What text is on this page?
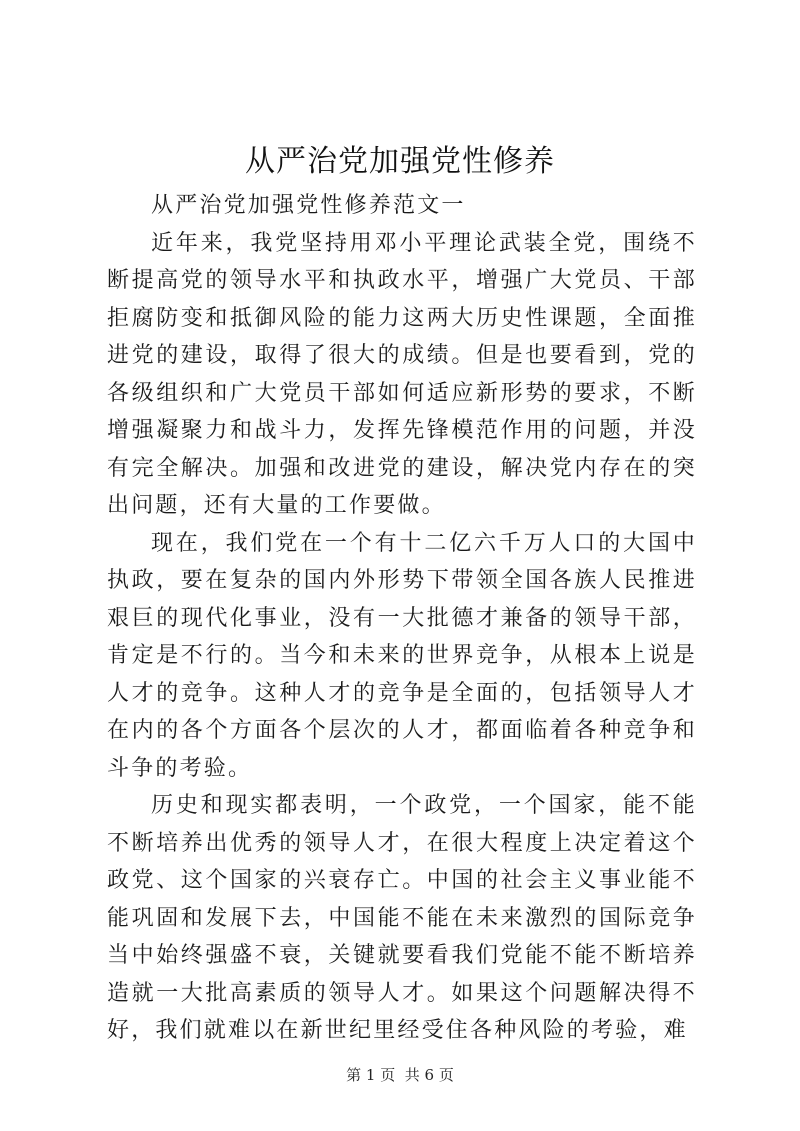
从严治党加强党性修养

从严治党加强党性修养范文一

近年来，我党坚持用邓小平理论武装全党，围绕不断提高党的领导水平和执政水平，增强广大党员、干部拒腐防变和抵御风险的能力这两大历史性课题，全面推进党的建设，取得了很大的成绩。但是也要看到，党的各级组织和广大党员干部如何适应新形势的要求，不断增强凝聚力和战斗力，发挥先锋模范作用的问题，并没有完全解决。加强和改进党的建设，解决党内存在的突出问题，还有大量的工作要做。

现在，我们党在一个有十二亿六千万人口的大国中执政，要在复杂的国内外形势下带领全国各族人民推进艰巨的现代化事业，没有一大批德才兼备的领导干部，肯定是不行的。当今和未来的世界竞争，从根本上说是人才的竞争。这种人才的竞争是全面的，包括领导人才在内的各个方面各个层次的人才，都面临着各种竞争和斗争的考验。

历史和现实都表明，一个政党，一个国家，能不能不断培养出优秀的领导人才，在很大程度上决定着这个政党、这个国家的兴衰存亡。中国的社会主义事业能不能巩固和发展下去，中国能不能在未来激烈的国际竞争当中始终强盛不衰，关键就要看我们党能不能不断培养造就一大批高素质的领导人才。如果这个问题解决得不好，我们就难以在新世纪里经受住各种风险的考验，难

第 1 页  共 6 页
